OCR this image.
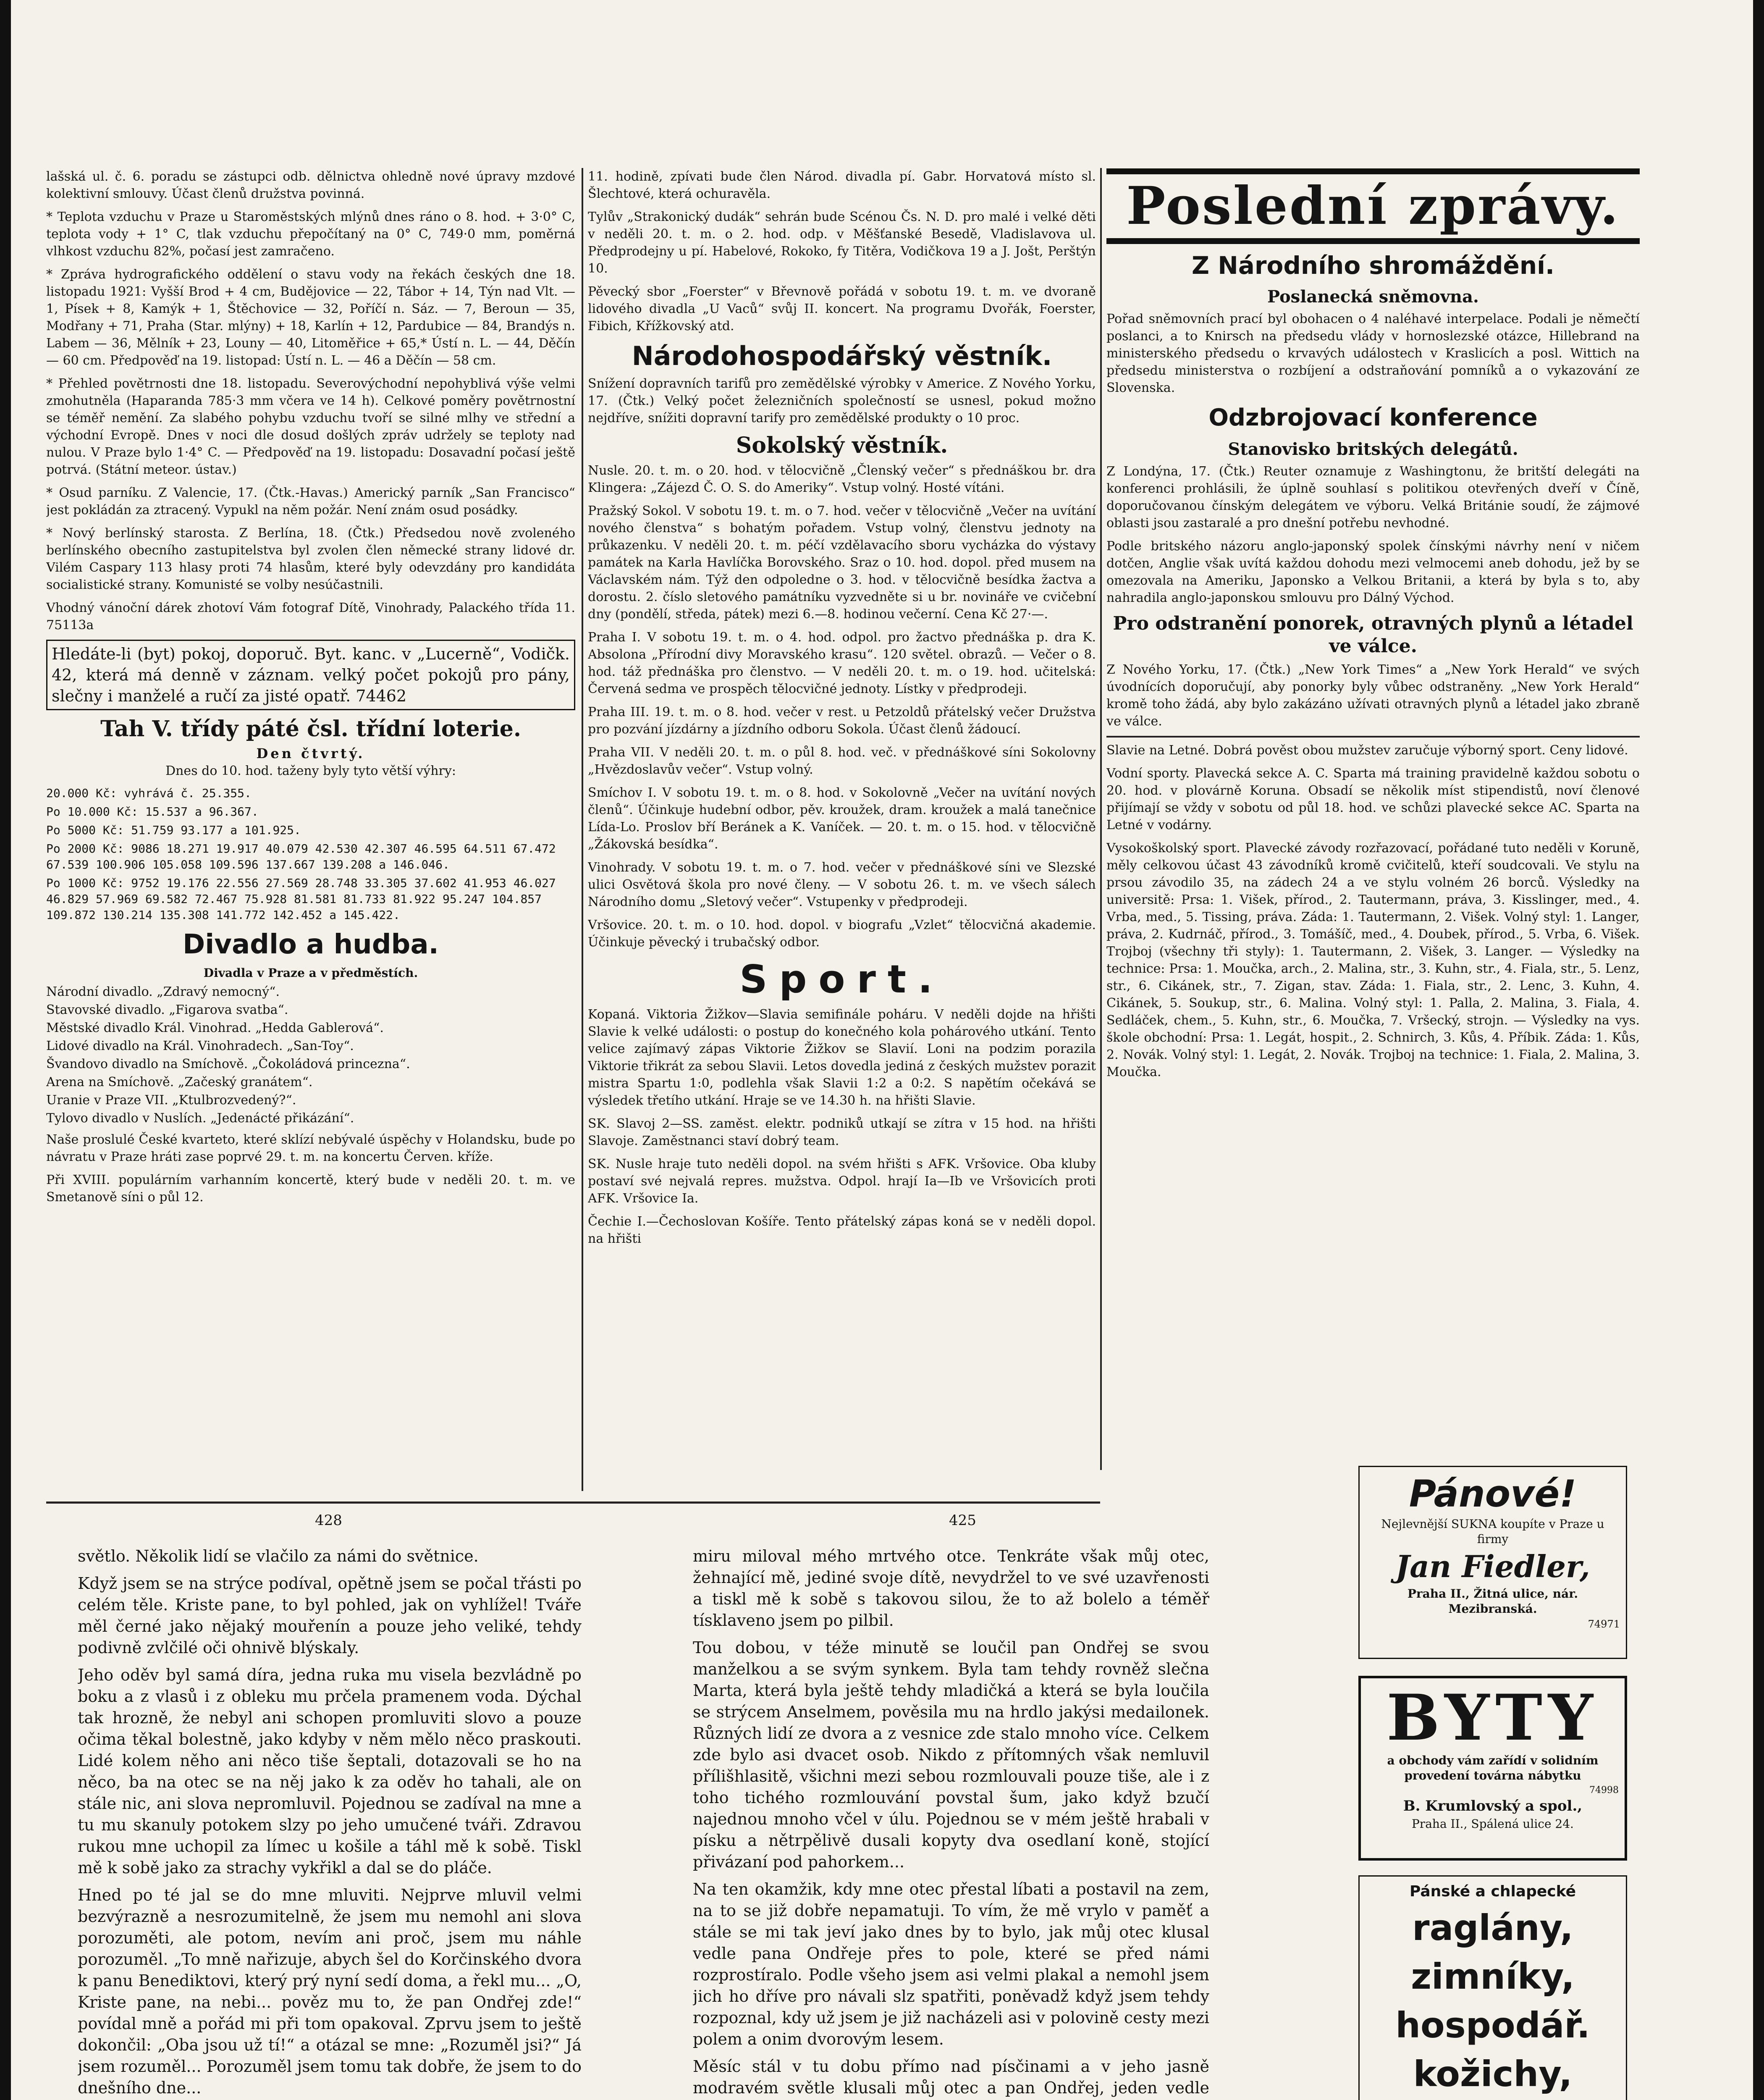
lašská ul. č. 6. poradu se zástupci odb. dělnictva ohledně nové úpravy mzdové kolektivní smlouvy. Účast členů družstva povinná.

* Teplota vzduchu v Praze u Staroměstských mlýnů dnes ráno o 8. hod. + 3·0° C, teplota vody + 1° C, tlak vzduchu přepočítaný na 0° C, 749·0 mm, poměrná vlhkost vzduchu 82%, počasí jest zamračeno.

* Zpráva hydrografického oddělení o stavu vody na řekách českých dne 18. listopadu 1921: Vyšší Brod + 4 cm, Budějovice — 22, Tábor + 14, Týn nad Vlt. — 1, Písek + 8, Kamýk + 1, Štěchovice — 32, Poříčí n. Sáz. — 7, Beroun — 35, Modřany + 71, Praha (Star. mlýny) + 18, Karlín + 12, Pardubice — 84, Brandýs n. Labem — 36, Mělník + 23, Louny — 40, Litoměřice + 65,* Ústí n. L. — 44, Děčín — 60 cm. Předpověď na 19. listopad: Ústí n. L. — 46 a Děčín — 58 cm.

* Přehled povětrnosti dne 18. listopadu. Severovýchodní nepohyblivá výše velmi zmohutněla (Haparanda 785·3 mm včera ve 14 h). Celkové poměry povětrnostní se téměř nemění. Za slabého pohybu vzduchu tvoří se silné mlhy ve střední a východní Evropě. Dnes v noci dle dosud došlých zpráv udržely se teploty nad nulou. V Praze bylo 1·4° C. — Předpověď na 19. listopadu: Dosavadní počasí ještě potrvá. (Státní meteor. ústav.)

* Osud parníku. Z Valencie, 17. (Čtk.-Havas.) Americký parník „San Francisco“ jest pokládán za ztracený. Vypukl na něm požár. Není znám osud posádky.

* Nový berlínský starosta. Z Berlína, 18. (Čtk.) Předsedou nově zvoleného berlínského obecního zastupitelstva byl zvolen člen německé strany lidové dr. Vilém Caspary 113 hlasy proti 74 hlasům, které byly odevzdány pro kandidáta socialistické strany. Komunisté se volby nesúčastnili.

Vhodný vánoční dárek zhotoví Vám fotograf Dítě, Vinohrady, Palackého třída 11. 75113a

Hledáte-li (byt) pokoj, doporuč. Byt. kanc. v „Lucerně“, Vodičk. 42, která má denně v záznam. velký počet pokojů pro pány, slečny i manželé a ručí za jisté opatř. 74462

Tah V. třídy páté čsl. třídní loterie.
Den čtvrtý.

Dnes do 10. hod. taženy byly tyto větší výhry:

20.000 Kč: vyhrává č. 25.355.

Po 10.000 Kč: 15.537 a 96.367.

Po 5000 Kč: 51.759 93.177 a 101.925.

Po 2000 Kč: 9086 18.271 19.917 40.079 42.530 42.307 46.595 64.511 67.472 67.539 100.906 105.058 109.596 137.667 139.208 a 146.046.

Po 1000 Kč: 9752 19.176 22.556 27.569 28.748 33.305 37.602 41.953 46.027 46.829 57.969 69.582 72.467 75.928 81.581 81.733 81.922 95.247 104.857 109.872 130.214 135.308 141.772 142.452 a 145.422.

Divadlo a hudba.
Divadla v Praze a v předměstích.

Národní divadlo. „Zdravý nemocný“.

Stavovské divadlo. „Figarova svatba“.

Městské divadlo Král. Vinohrad. „Hedda Gablerová“.

Lidové divadlo na Král. Vinohradech. „San-Toy“.

Švandovo divadlo na Smíchově. „Čokoládová princezna“.

Arena na Smíchově. „Začeský granátem“.

Uranie v Praze VII. „Ktulbrozvedený?“.

Tylovo divadlo v Nuslích. „Jedenácté přikázání“.

Naše proslulé České kvarteto, které sklízí nebývalé úspěchy v Holandsku, bude po návratu v Praze hráti zase poprvé 29. t. m. na koncertu Červen. kříže.

Při XVIII. populárním varhanním koncertě, který bude v neděli 20. t. m. ve Smetanově síni o půl 12.

11. hodině, zpívati bude člen Národ. divadla pí. Gabr. Horvatová místo sl. Šlechtové, která ochuravěla.

Tylův „Strakonický dudák“ sehrán bude Scénou Čs. N. D. pro malé i velké děti v neděli 20. t. m. o 2. hod. odp. v Měšťanské Besedě, Vladislavova ul. Předprodejny u pí. Habelové, Rokoko, fy Titěra, Vodičkova 19 a J. Jošt, Perštýn 10.

Pěvecký sbor „Foerster“ v Břevnově pořádá v sobotu 19. t. m. ve dvoraně lidového divadla „U Vaců“ svůj II. koncert. Na programu Dvořák, Foerster, Fibich, Křížkovský atd.

Národohospodářský věstník.

Snížení dopravních tarifů pro zemědělské výrobky v Americe. Z Nového Yorku, 17. (Čtk.) Velký počet železničních společností se usnesl, pokud možno nejdříve, snížiti dopravní tarify pro zemědělské produkty o 10 proc.

Sokolský věstník.

Nusle. 20. t. m. o 20. hod. v tělocvičně „Členský večer“ s přednáškou br. dra Klingera: „Zájezd Č. O. S. do Ameriky“. Vstup volný. Hosté vítáni.

Pražský Sokol. V sobotu 19. t. m. o 7. hod. večer v tělocvičně „Večer na uvítání nového členstva“ s bohatým pořadem. Vstup volný, členstvu jednoty na průkazenku. V neděli 20. t. m. péčí vzdělavacího sboru vycházka do výstavy památek na Karla Havlíčka Borovského. Sraz o 10. hod. dopol. před musem na Václavském nám. Týž den odpoledne o 3. hod. v tělocvičně besídka žactva a dorostu. 2. číslo sletového památníku vyzvedněte si u br. novináře ve cvičební dny (pondělí, středa, pátek) mezi 6.—8. hodinou večerní. Cena Kč 27·—.

Praha I. V sobotu 19. t. m. o 4. hod. odpol. pro žactvo přednáška p. dra K. Absolona „Přírodní divy Moravského krasu“. 120 světel. obrazů. — Večer o 8. hod. táž přednáška pro členstvo. — V neděli 20. t. m. o 19. hod. učitelská: Červená sedma ve prospěch tělocvičné jednoty. Lístky v předprodeji.

Praha III. 19. t. m. o 8. hod. večer v rest. u Petzoldů přátelský večer Družstva pro pozvání jízdárny a jízdního odboru Sokola. Účast členů žádoucí.

Praha VII. V neděli 20. t. m. o půl 8. hod. več. v přednáškové síni Sokolovny „Hvězdoslavův večer“. Vstup volný.

Smíchov I. V sobotu 19. t. m. o 8. hod. v Sokolovně „Večer na uvítání nových členů“. Účinkuje hudební odbor, pěv. kroužek, dram. kroužek a malá tanečnice Lída-Lo. Proslov bří Beránek a K. Vaníček. — 20. t. m. o 15. hod. v tělocvičně „Žákovská besídka“.

Vinohrady. V sobotu 19. t. m. o 7. hod. večer v přednáškové síni ve Slezské ulici Osvětová škola pro nové členy. — V sobotu 26. t. m. ve všech sálech Národního domu „Sletový večer“. Vstupenky v předprodeji.

Vršovice. 20. t. m. o 10. hod. dopol. v biografu „Vzlet“ tělocvičná akademie. Účinkuje pěvecký i trubačský odbor.

Sport.

Kopaná. Viktoria Žižkov—Slavia semifinále poháru. V neděli dojde na hřišti Slavie k velké události: o postup do konečného kola pohárového utkání. Tento velice zajímavý zápas Viktorie Žižkov se Slavií. Loni na podzim porazila Viktorie třikrát za sebou Slavii. Letos dovedla jediná z českých mužstev porazit mistra Spartu 1:0, podlehla však Slavii 1:2 a 0:2. S napětím očekává se výsledek třetího utkání. Hraje se ve 14.30 h. na hřišti Slavie.

SK. Slavoj 2—SS. zaměst. elektr. podniků utkají se zítra v 15 hod. na hřišti Slavoje. Zaměstnanci staví dobrý team.

SK. Nusle hraje tuto neděli dopol. na svém hřišti s AFK. Vršovice. Oba kluby postaví své nejvalá repres. mužstva. Odpol. hrají Ia—Ib ve Vršovicích proti AFK. Vršovice Ia.

Čechie I.—Čechoslovan Košíře. Tento přátelský zápas koná se v neděli dopol. na hřišti

Poslední zprávy.
Z Národního shromáždění.
Poslanecká sněmovna.

Pořad sněmovních prací byl obohacen o 4 naléhavé interpelace. Podali je němečtí poslanci, a to Knirsch na předsedu vlády v hornoslezské otázce, Hillebrand na ministerského předsedu o krvavých událostech v Kraslicích a posl. Wittich na předsedu ministerstva o rozbíjení a odstraňování pomníků a o vykazování ze Slovenska.

Odzbrojovací konference
Stanovisko britských delegátů.

Z Londýna, 17. (Čtk.) Reuter oznamuje z Washingtonu, že britští delegáti na konferenci prohlásili, že úplně souhlasí s politikou otevřených dveří v Číně, doporučovanou čínským delegátem ve výboru. Velká Británie soudí, že zájmové oblasti jsou zastaralé a pro dnešní potřebu nevhodné.

Podle britského názoru anglo-japonský spolek čínskými návrhy není v ničem dotčen, Anglie však uvítá každou dohodu mezi velmocemi aneb dohodu, jež by se omezovala na Ameriku, Japonsko a Velkou Britanii, a která by byla s to, aby nahradila anglo-japonskou smlouvu pro Dálný Východ.

Pro odstranění ponorek, otravných plynů a létadel ve válce.

Z Nového Yorku, 17. (Čtk.) „New York Times“ a „New York Herald“ ve svých úvodnících doporučují, aby ponorky byly vůbec odstraněny. „New York Herald“ kromě toho žádá, aby bylo zakázáno užívati otravných plynů a létadel jako zbraně ve válce.

Slavie na Letné. Dobrá pověst obou mužstev zaručuje výborný sport. Ceny lidové.

Vodní sporty. Plavecká sekce A. C. Sparta má training pravidelně každou sobotu o 20. hod. v plovárně Koruna. Obsadí se několik míst stipendistů, noví členové přijímají se vždy v sobotu od půl 18. hod. ve schůzi plavecké sekce AC. Sparta na Letné v vodárny.

Vysokoškolský sport. Plavecké závody rozřazovací, pořádané tuto neděli v Koruně, měly celkovou účast 43 závodníků kromě cvičitelů, kteří soudcovali. Ve stylu na prsou závodilo 35, na zádech 24 a ve stylu volném 26 borců. Výsledky na universitě: Prsa: 1. Višek, přírod., 2. Tautermann, práva, 3. Kisslinger, med., 4. Vrba, med., 5. Tissing, práva. Záda: 1. Tautermann, 2. Višek. Volný styl: 1. Langer, práva, 2. Kudrnáč, přírod., 3. Tomášíč, med., 4. Doubek, přírod., 5. Vrba, 6. Višek. Trojboj (všechny tři styly): 1. Tautermann, 2. Višek, 3. Langer. — Výsledky na technice: Prsa: 1. Moučka, arch., 2. Malina, str., 3. Kuhn, str., 4. Fiala, str., 5. Lenz, str., 6. Cikánek, str., 7. Zigan, stav. Záda: 1. Fiala, str., 2. Lenc, 3. Kuhn, 4. Cikánek, 5. Soukup, str., 6. Malina. Volný styl: 1. Palla, 2. Malina, 3. Fiala, 4. Sedláček, chem., 5. Kuhn, str., 6. Moučka, 7. Vršecký, strojn. — Výsledky na vys. škole obchodní: Prsa: 1. Legát, hospit., 2. Schnirch, 3. Kůs, 4. Příbik. Záda: 1. Kůs, 2. Novák. Volný styl: 1. Legát, 2. Novák. Trojboj na technice: 1. Fiala, 2. Malina, 3. Moučka.

428	425

světlo. Několik lidí se vlačilo za námi do světnice.

Když jsem se na strýce podíval, opětně jsem se počal třásti po celém těle. Kriste pane, to byl pohled, jak on vyhlížel! Tváře měl černé jako nějaký mouřenín a pouze jeho veliké, tehdy podivně zvlčilé oči ohnivě blýskaly.

Jeho oděv byl samá díra, jedna ruka mu visela bezvládně po boku a z vlasů i z obleku mu prčela pramenem voda. Dýchal tak hrozně, že nebyl ani schopen promluviti slovo a pouze očima těkal bolestně, jako kdyby v něm mělo něco praskouti. Lidé kolem něho ani něco tiše šeptali, dotazovali se ho na něco, ba na otec se na něj jako k za oděv ho tahali, ale on stále nic, ani slova nepromluvil. Pojednou se zadíval na mne a tu mu skanuly potokem slzy po jeho umučené tváři. Zdravou rukou mne uchopil za límec u košile a táhl mě k sobě. Tiskl mě k sobě jako za strachy vykřikl a dal se do pláče.

Hned po té jal se do mne mluviti. Nejprve mluvil velmi bezvýrazně a nesrozumitelně, že jsem mu nemohl ani slova porozuměti, ale potom, nevím ani proč, jsem mu náhle porozuměl. „To mně nařizuje, abych šel do Korčinského dvora k panu Benediktovi, který prý nyní sedí doma, a řekl mu... „O, Kriste pane, na nebi... pověz mu to, že pan Ondřej zde!“ povídal mně a pořád mi při tom opakoval. Zprvu jsem to ještě dokončil: „Oba jsou už tí!“ a otázal se mne: „Rozuměl jsi?“ Já jsem rozuměl... Porozuměl jsem tomu tak dobře, že jsem to do dnešního dne...

miru miloval mého mrtvého otce. Tenkráte však můj otec, žehnající mě, jediné svoje dítě, nevydržel to ve své uzavřenosti a tiskl mě k sobě s takovou silou, že to až bolelo a téměř tísklaveno jsem po pilbil.

Tou dobou, v téže minutě se loučil pan Ondřej se svou manželkou a se svým synkem. Byla tam tehdy rovněž slečna Marta, která byla ještě tehdy mladičká a která se byla loučila se strýcem Anselmem, pověsila mu na hrdlo jakýsi medailonek. Různých lidí ze dvora a z vesnice zde stalo mnoho více. Celkem zde bylo asi dvacet osob. Nikdo z přítomných však nemluvil přílišhlasitě, všichni mezi sebou rozmlouvali pouze tiše, ale i z toho tichého rozmlouvání povstal šum, jako když bzučí najednou mnoho včel v úlu. Pojednou se v mém ještě hrabali v písku a nětrpělivě dusali kopyty dva osedlaní koně, stojící přivázaní pod pahorkem...

Na ten okamžik, kdy mne otec přestal líbati a postavil na zem, na to se již dobře nepamatuji. To vím, že mě vrylo v paměť a stále se mi tak jeví jako dnes by to bylo, jak můj otec klusal vedle pana Ondřeje přes to pole, které se před námi rozprostíralo. Podle všeho jsem asi velmi plakal a nemohl jsem jich ho dříve pro návali slz spatřiti, poněvadž když jsem tehdy rozpoznal, kdy už jsem je již nacházeli asi v polovině cesty mezi polem a onim dvorovým lesem.

Měsíc stál v tu dobu přímo nad písčinami a v jeho jasně modravém světle klusali můj otec a pan Ondřej, jeden vedle

Pánové!

Nejlevnější SUKNA koupíte v Praze u firmy

Jan Fiedler,

Praha II., Žitná ulice, nár. Mezibranská.

74971

BYTY

a obchody vám zařídí v solidním provedení továrna nábytku

74998

B. Krumlovský a spol.,

Praha II., Spálená ulice 24.

Pánské a chlapecké
raglány,
zimníky,
hospodář.
kožichy,
